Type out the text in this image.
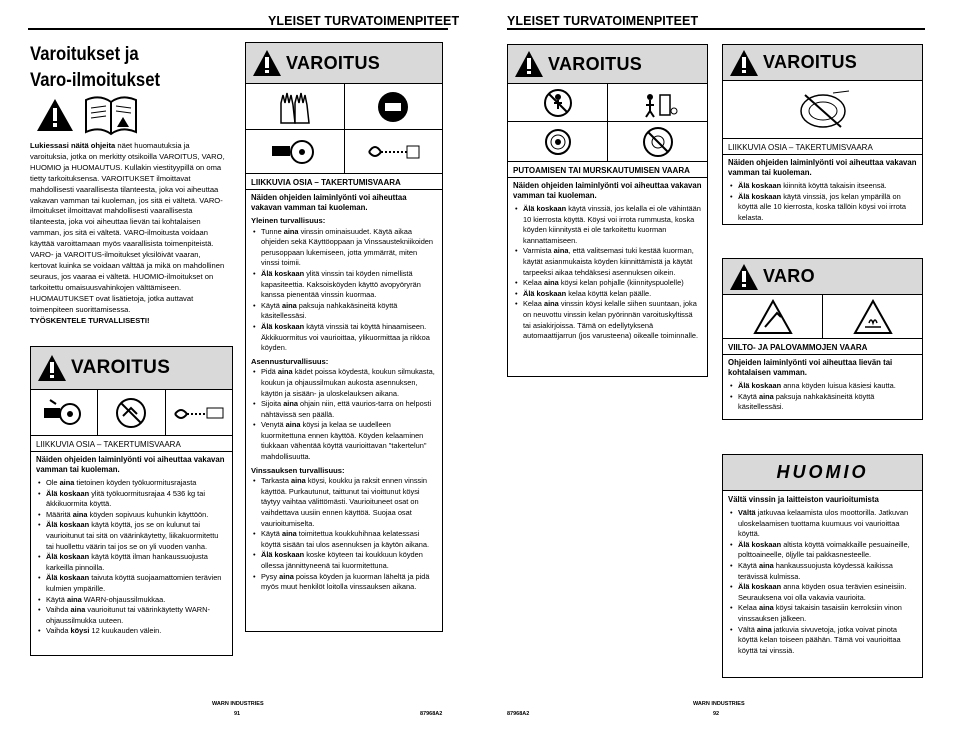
YLEISET TURVATOIMENPITEET
Varoitukset ja
Varo-ilmoitukset
Lukiessasi näitä ohjeita näet huomautuksia ja varoituksia, jotka on merkitty otsikoilla VAROITUS, VARO, HUOMIO ja HUOMAUTUS. Kullakin viestityypillä on oma tietty tarkoituksensa. VAROITUKSET ilmoittavat mahdollisesti vaarallisesta tilanteesta, joka voi aiheuttaa vakavan vamman tai kuoleman, jos sitä ei vältetä. VARO-ilmoitukset ilmoittavat mahdollisesti vaarallisesta tilanteesta, joka voi aiheuttaa lievän tai kohtalaisen vamman, jos sitä ei vältetä. VARO-ilmoitusta voidaan käyttää varoittamaan myös vaarallisista toimenpiteistä. VARO- ja VAROITUS-ilmoitukset yksilöivät vaaran, kertovat kuinka se voidaan välttää ja mikä on mahdollinen seuraus, jos vaaraa ei vältetä. HUOMIO-ilmoitukset on tarkoitettu omaisuusvahinkojen välttämiseen. HUOMAUTUKSET ovat lisätietoja, jotka auttavat toimenpiteen suorittamisessa.
TYÖSKENTELE TURVALLISESTI!
VAROITUS
LIIKKUVIA OSIA – TAKERTUMISVAARA
Näiden ohjeiden laiminlyönti voi aiheuttaa vakavan vamman tai kuoleman.
• Ole aina tietoinen köyden työkuormitusrajasta
• Älä koskaan ylitä työkuormitusrajaa 4 536 kg tai äkkikuormita köyttä.
• Määritä aina köyden sopivuus kuhunkin käyttöön.
• Älä koskaan käytä köyttä, jos se on kulunut tai vaurioitunut tai sitä on väärinkäytetty, liikakuormitettu tai huollettu väärin tai jos se on yli vuoden vanha.
• Älä koskaan käytä köyttä ilman hankaussuojusta karkeilla pinnoilla.
• Älä koskaan taivuta köyttä suojaamattomien terävien kulmien ympärille.
• Käytä aina WARN-ohjaussilmukkaa.
• Vaihda aina vaurioitunut tai väärinkäytetty WARN-ohjaussilmukka uuteen.
• Vaihda köysi 12 kuukauden välein.
VAROITUS
LIIKKUVIA OSIA – TAKERTUMISVAARA
Näiden ohjeiden laiminlyönti voi aiheuttaa vakavan vamman tai kuoleman.
Yleinen turvallisuus:
• Tunne aina vinssin ominaisuudet. Käytä aikaa ohjeiden sekä Käyttöoppaan ja Vinssaustekniikoiden perusoppaan lukemiseen, jotta ymmärrät, miten vinssi toimii.
• Älä koskaan ylitä vinssin tai köyden nimellistä kapasiteettia. Kaksoisköyden käyttö avopyöryrän kanssa pienentää vinssin kuormaa.
• Käytä aina paksuja nahkakäsineitä köyttä käsitellessäsi.
• Älä koskaan käytä vinssiä tai köyttä hinaamiseen. Äkkikuormitus voi vaurioittaa, ylikuormittaa ja rikkoa köyden.
Asennusturvallisuus:
• Pidä aina kädet poissa köydestä, koukun silmukasta, koukun ja ohjaussilmukan aukosta asennuksen, käytön ja sisään- ja uloskelauksen aikana.
• Sijoita aina ohjain niin, että vaurios-tarra on helposti nähtävissä sen päällä.
• Venytä aina köysi ja kelaa se uudelleen kuormitettuna ennen käyttöä. Köyden kelaaminen tiukkaan vähentää köyttä vaurioittavan "takertelun" mahdollisuutta.
Vinssauksen turvallisuus:
• Tarkasta aina köysi, koukku ja raksit ennen vinssin käyttöä. Purkautunut, taittunut tai vioittunut köysi täytyy vaihtaa välittömästi. Vaurioituneet osat on vaihdettava uusiin ennen käyttöä. Suojaa osat vaurioitumiselta.
• Käytä aina toimitettua koukkuhihnaa kelatessasi köyttä sisään tai ulos asennuksen ja käytön aikana.
• Älä koskaan koske köyteen tai koukkuun köyden ollessa jännittyneenä tai kuormitettuna.
• Pysy aina poissa köyden ja kuorman läheltä ja pidä myös muut henkilöt loitolla vinssauksen aikana.
WARN INDUSTRIES
91	87968A2
YLEISET TURVATOIMENPITEET
VAROITUS
PUTOAMISEN TAI MURSKAUTUMISEN VAARA
Näiden ohjeiden laiminlyönti voi aiheuttaa vakavan vamman tai kuoleman.
• Älä koskaan käytä vinssiä, jos kelalla ei ole vähintään 10 kierrosta köyttä. Köysi voi irrota rummusta, koska köyden kiinnitystä ei ole tarkoitettu kuorman kannattamiseen.
• Varmista aina, että valitsemasi tuki kestää kuorman, käytät asianmukaista köyden kiinnittämistä ja käytät tarpeeksi aikaa tehdäksesi asennuksen oikein.
• Kelaa aina köysi kelan pohjalle (kiinnityspuolelle)
• Älä koskaan kelaa köyttä kelan päälle.
• Kelaa aina vinssin köysi kelalle siihen suuntaan, joka on neuvottu vinssin kelan pyörinnän varoituskyltissä tai asiakirjoissa. Tämä on edellytyksenä automaattijarrun (jos varusteena) oikealle toiminnalle.
VAROITUS
LIIKKUVIA OSIA – TAKERTUMISVAARA
Näiden ohjeiden laiminlyönti voi aiheuttaa vakavan vamman tai kuoleman.
• Älä koskaan kiinnitä köyttä takaisin itseensä.
• Älä koskaan käytä vinssiä, jos kelan ympärillä on köyttä alle 10 kierrosta, koska tällöin köysi voi irrota kelasta.
VARO
VIILTO- JA PALOVAMMOJEN VAARA
Ohjeiden laiminlyönti voi aiheuttaa lievän tai kohtalaisen vamman.
• Älä koskaan anna köyden luisua käsiesi kautta.
• Käytä aina paksuja nahkakäsineitä köyttä käsitellessäsi.
HUOMIO
Vältä vinssin ja laitteiston vaurioitumista
• Vältä jatkuvaa kelaamista ulos moottorilla. Jatkuvan uloskelaamisen tuottama kuumuus voi vaurioittaa köyttä.
• Älä koskaan altista köyttä voimakkaille pesuaineille, polttoaineelle, öljylle tai pakkasnesteelle.
• Käytä aina hankaussuojusta köydessä kaikissa terävissä kulmissa.
• Älä koskaan anna köyden osua terävien esineisiin. Seurauksena voi olla vakavia vaurioita.
• Kelaa aina köysi takaisin tasaisiin kerroksiin vinon vinssauksen jälkeen.
• Vältä aina jatkuvia sivuvetoja, jotka voivat pinota köyttä kelan toiseen päähän. Tämä voi vaurioittaa köyttä tai vinssiä.
87968A2
WARN INDUSTRIES
92
